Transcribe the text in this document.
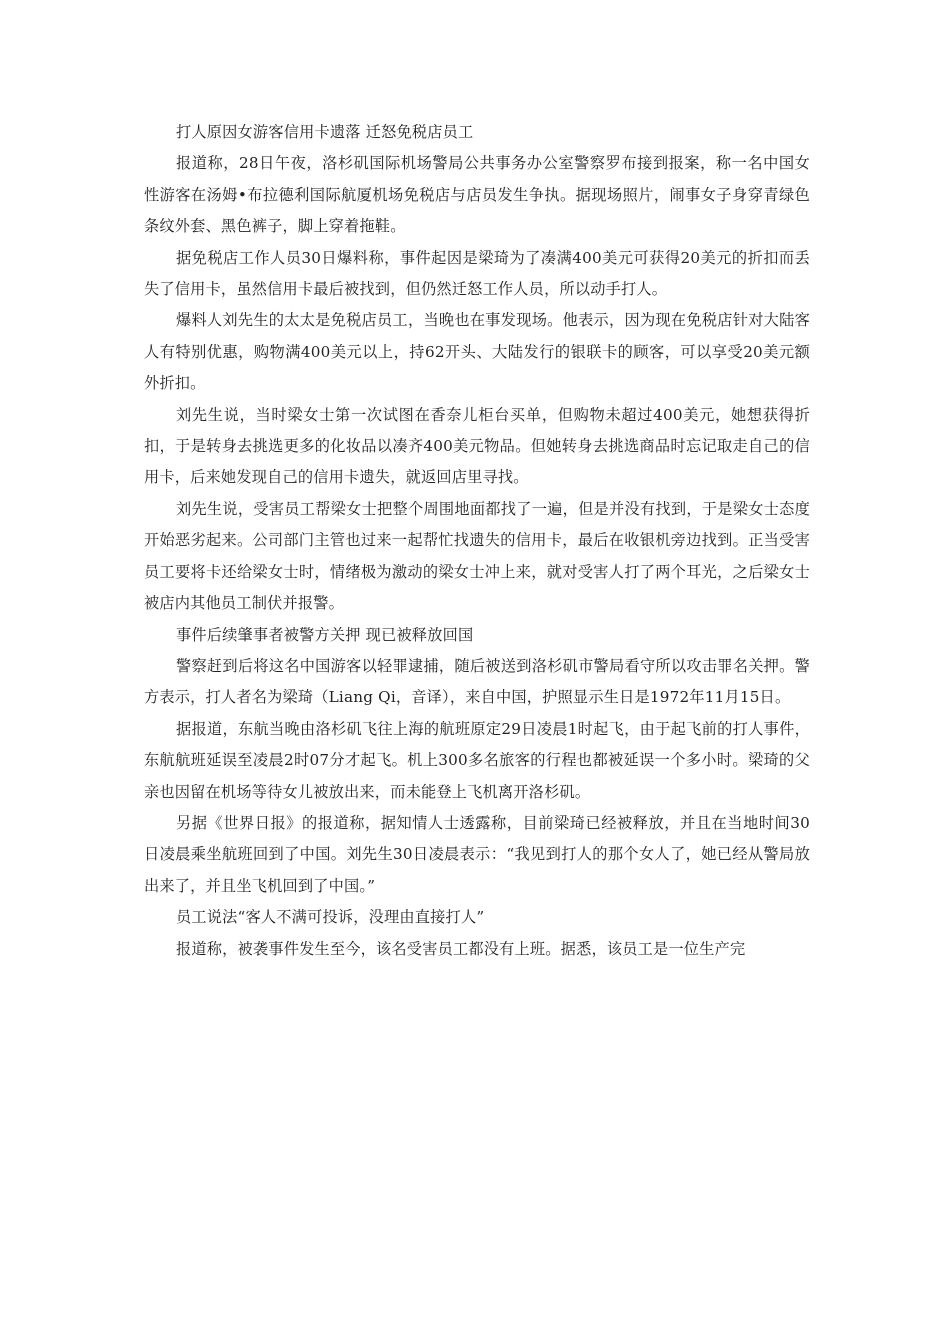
打人原因女游客信用卡遗落 迁怒免税店员工

报道称，28日午夜，洛杉矶国际机场警局公共事务办公室警察罗布接到报案，称一名中国女性游客在汤姆•布拉德利国际航厦机场免税店与店员发生争执。据现场照片，闹事女子身穿青绿色条纹外套、黑色裤子，脚上穿着拖鞋。

据免税店工作人员30日爆料称，事件起因是梁琦为了凑满400美元可获得20美元的折扣而丢失了信用卡，虽然信用卡最后被找到，但仍然迁怒工作人员，所以动手打人。

爆料人刘先生的太太是免税店员工，当晚也在事发现场。他表示，因为现在免税店针对大陆客人有特别优惠，购物满400美元以上，持62开头、大陆发行的银联卡的顾客，可以享受20美元额外折扣。

刘先生说，当时梁女士第一次试图在香奈儿柜台买单，但购物未超过400美元，她想获得折扣，于是转身去挑选更多的化妆品以凑齐400美元物品。但她转身去挑选商品时忘记取走自己的信用卡，后来她发现自己的信用卡遗失，就返回店里寻找。

刘先生说，受害员工帮梁女士把整个周围地面都找了一遍，但是并没有找到，于是梁女士态度开始恶劣起来。公司部门主管也过来一起帮忙找遗失的信用卡，最后在收银机旁边找到。正当受害员工要将卡还给梁女士时，情绪极为激动的梁女士冲上来，就对受害人打了两个耳光，之后梁女士被店内其他员工制伏并报警。

事件后续肇事者被警方关押 现已被释放回国

警察赶到后将这名中国游客以轻罪逮捕，随后被送到洛杉矶市警局看守所以攻击罪名关押。警方表示，打人者名为梁琦（Liang Qi，音译），来自中国，护照显示生日是1972年11月15日。

据报道，东航当晚由洛杉矶飞往上海的航班原定29日凌晨1时起飞，由于起飞前的打人事件，东航航班延误至凌晨2时07分才起飞。机上300多名旅客的行程也都被延误一个多小时。梁琦的父亲也因留在机场等待女儿被放出来，而未能登上飞机离开洛杉矶。

另据《世界日报》的报道称，据知情人士透露称，目前梁琦已经被释放，并且在当地时间30日凌晨乘坐航班回到了中国。刘先生30日凌晨表示：“我见到打人的那个女人了，她已经从警局放出来了，并且坐飞机回到了中国。”

员工说法“客人不满可投诉，没理由直接打人”

报道称，被袭事件发生至今，该名受害员工都没有上班。据悉，该员工是一位生产完
